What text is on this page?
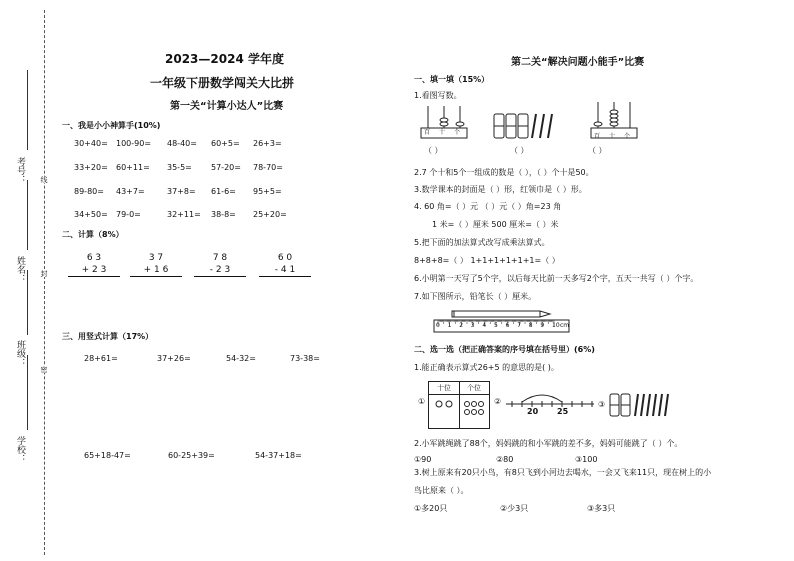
考号：
姓名：
班级：
学校：
线
封
密
2023—2024 学年度
一年级下册数学闯关大比拼
第一关“计算小达人”比赛
一、我是小小神算手(10%)
30+40= 100-90= 48-40= 60+5= 26+3=
33+20= 60+11= 35-5= 57-20= 78-70=
89-80= 43+7=	37+8= 61-6= 95+5=
34+50= 79-0=	32+11= 38-8= 25+20=
二、计算（8%）
6 3
+ 2 3
3 7
+ 1 6
7 8
- 2 3
6 0
- 4 1
三、用竖式计算（17%）
28+61=	37+26=	54-32=	73-38=
65+18-47=	60-25+39=	54-37+18=
第二关“解决问题小能手”比赛
一、填一填（15%）
1.看图写数。
百十个
百十个
（ ）	（ ）	（ ）
2.7 个十和5个一组成的数是（ ），（ ）个十是50。
3.数学课本的封面是（ ）形，红领巾是（ ）形。
4. 60 角=（ ）元 （ ）元（ ）角=23 角
1 米=（ ）厘米 500 厘米=（ ）米
5.把下面的加法算式改写成乘法算式。
8+8+8=（ ） 1+1+1+1+1+1=（ ）
6.小明第一天写了5个字，以后每天比前一天多写2个字，五天一共写（ ）个字。
7.如下图所示，铅笔长（ ）厘米。
0 1 2 3 4 5 6 7 8 9 10 cm
二、选一选（把正确答案的序号填在括号里）(6%)
1.能正确表示算式26+5 的意思的是( )。
①
十位	个位
②
20 25
③
2.小军跳绳跳了88个，妈妈跳的和小军跳的差不多，妈妈可能跳了（ ）个。
①90	②80	③100
3.树上原来有20只小鸟，有8只飞到小河边去喝水，一会又飞来11只，现在树上的小
鸟比原来（ ）。
①多20只	②少3只	③多3只
